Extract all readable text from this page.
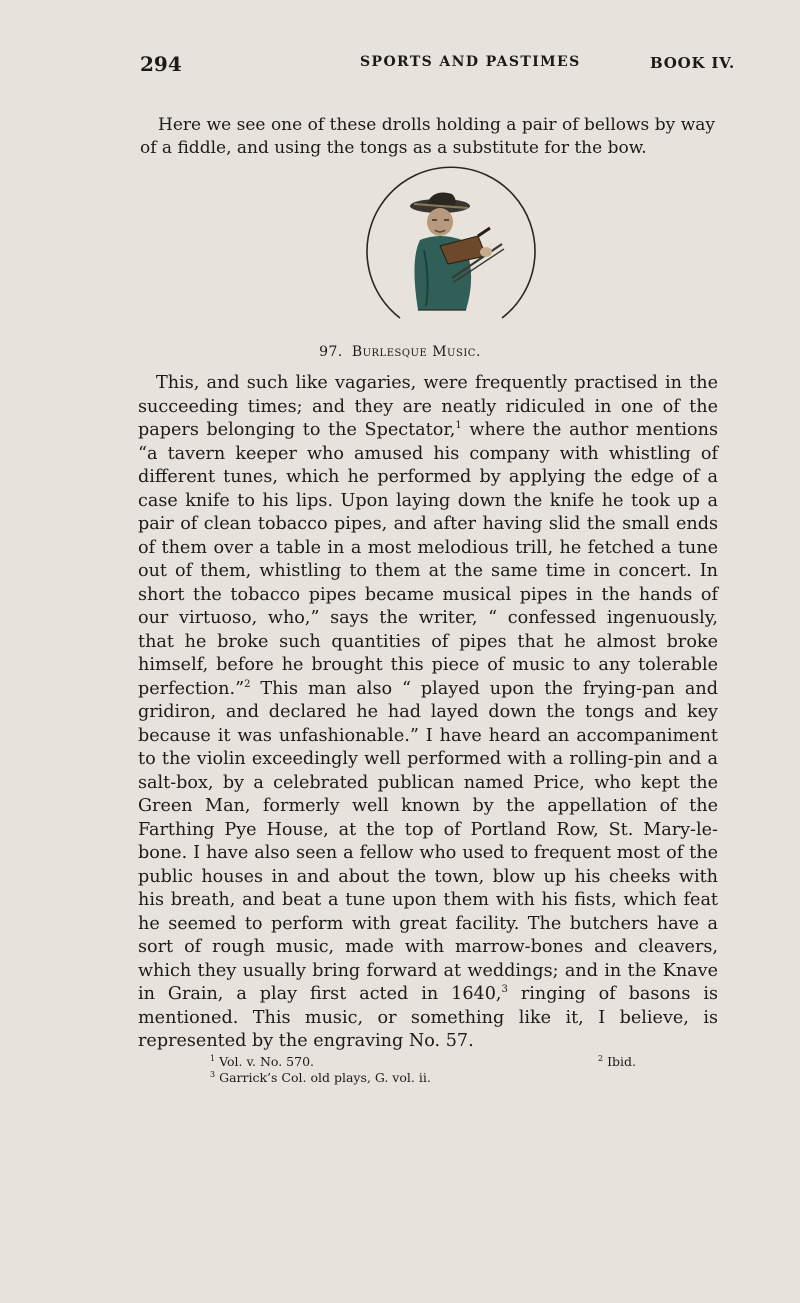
294	SPORTS AND PASTIMES	BOOK IV.

Here we see one of these drolls holding a pair of bellows by way of a fiddle, and using the tongs as a substitute for the bow.

97. Burlesque Music.

This, and such like vagaries, were frequently practised in the succeeding times; and they are neatly ridiculed in one of the papers belonging to the Spectator,$^1$ where the author mentions “a tavern keeper who amused his company with whistling of different tunes, which he performed by applying the edge of a case knife to his lips. Upon laying down the knife he took up a pair of clean tobacco pipes, and after having slid the small ends of them over a table in a most melodious trill, he fetched a tune out of them, whistling to them at the same time in concert. In short the tobacco pipes became musical pipes in the hands of our virtuoso, who,” says the writer, “ confessed ingenuously, that he broke such quantities of pipes that he almost broke himself, before he brought this piece of music to any tolerable perfection.”$^2$ This man also “ played upon the frying-pan and gridiron, and declared he had layed down the tongs and key because it was unfashionable.” I have heard an accompaniment to the violin exceedingly well performed with a rolling-pin and a salt-box, by a celebrated publican named Price, who kept the Green Man, formerly well known by the appellation of the Farthing Pye House, at the top of Portland Row, St. Mary-le-bone. I have also seen a fellow who used to frequent most of the public houses in and about the town, blow up his cheeks with his breath, and beat a tune upon them with his fists, which feat he seemed to perform with great facility. The butchers have a sort of rough music, made with marrow-bones and cleavers, which they usually bring forward at weddings; and in the Knave in Grain, a play first acted in 1640,$^3$ ringing of basons is mentioned. This music, or something like it, I believe, is represented by the engraving No. 57.

$^1$ Vol. v. No. 570.	$^2$ Ibid.
$^3$ Garrick’s Col. old plays, G. vol. ii.
